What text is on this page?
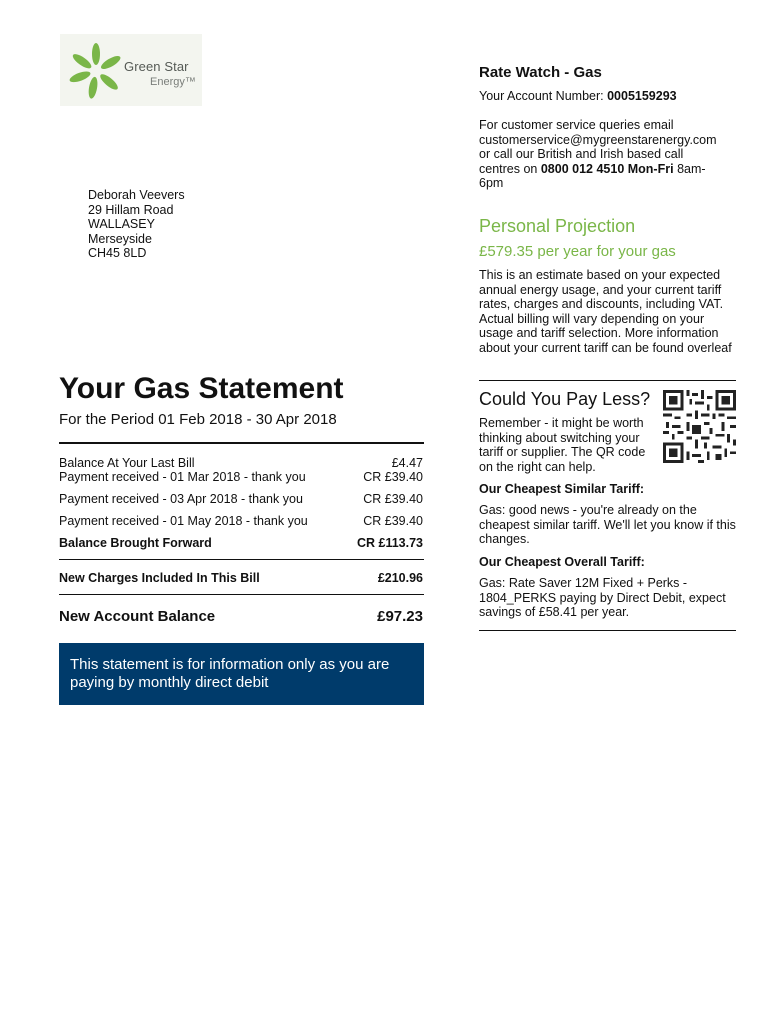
Green Star
Energy™
Deborah Veevers
29 Hillam Road
WALLASEY
Merseyside
CH45 8LD
Your Gas Statement
For the Period 01 Feb 2018 - 30 Apr 2018
Balance At Your Last Bill	£4.47
Payment received - 01 Mar 2018 - thank you	CR £39.40
Payment received - 03 Apr 2018 - thank you	CR £39.40
Payment received - 01 May 2018 - thank you	CR £39.40
Balance Brought Forward	CR £113.73
New Charges Included In This Bill	£210.96
New Account Balance	£97.23
This statement is for information only as you are paying by monthly direct debit
Rate Watch - Gas
Your Account Number: 0005159293
For customer service queries email
customerservice@mygreenstarenergy.com
or call our British and Irish based call
centres on 0800 012 4510 Mon-Fri 8am-
6pm
Personal Projection
£579.35 per year for your gas
This is an estimate based on your expected annual energy usage, and your current tariff rates, charges and discounts, including VAT. Actual billing will vary depending on your usage and tariff selection. More information about your current tariff can be found overleaf
Could You Pay Less?
Remember - it might be worth thinking about switching your tariff or supplier. The QR code on the right can help.
Our Cheapest Similar Tariff:
Gas: good news - you're already on the cheapest similar tariff. We'll let you know if this changes.
Our Cheapest Overall Tariff:
Gas: Rate Saver 12M Fixed + Perks - 1804_PERKS paying by Direct Debit, expect savings of £58.41 per year.
